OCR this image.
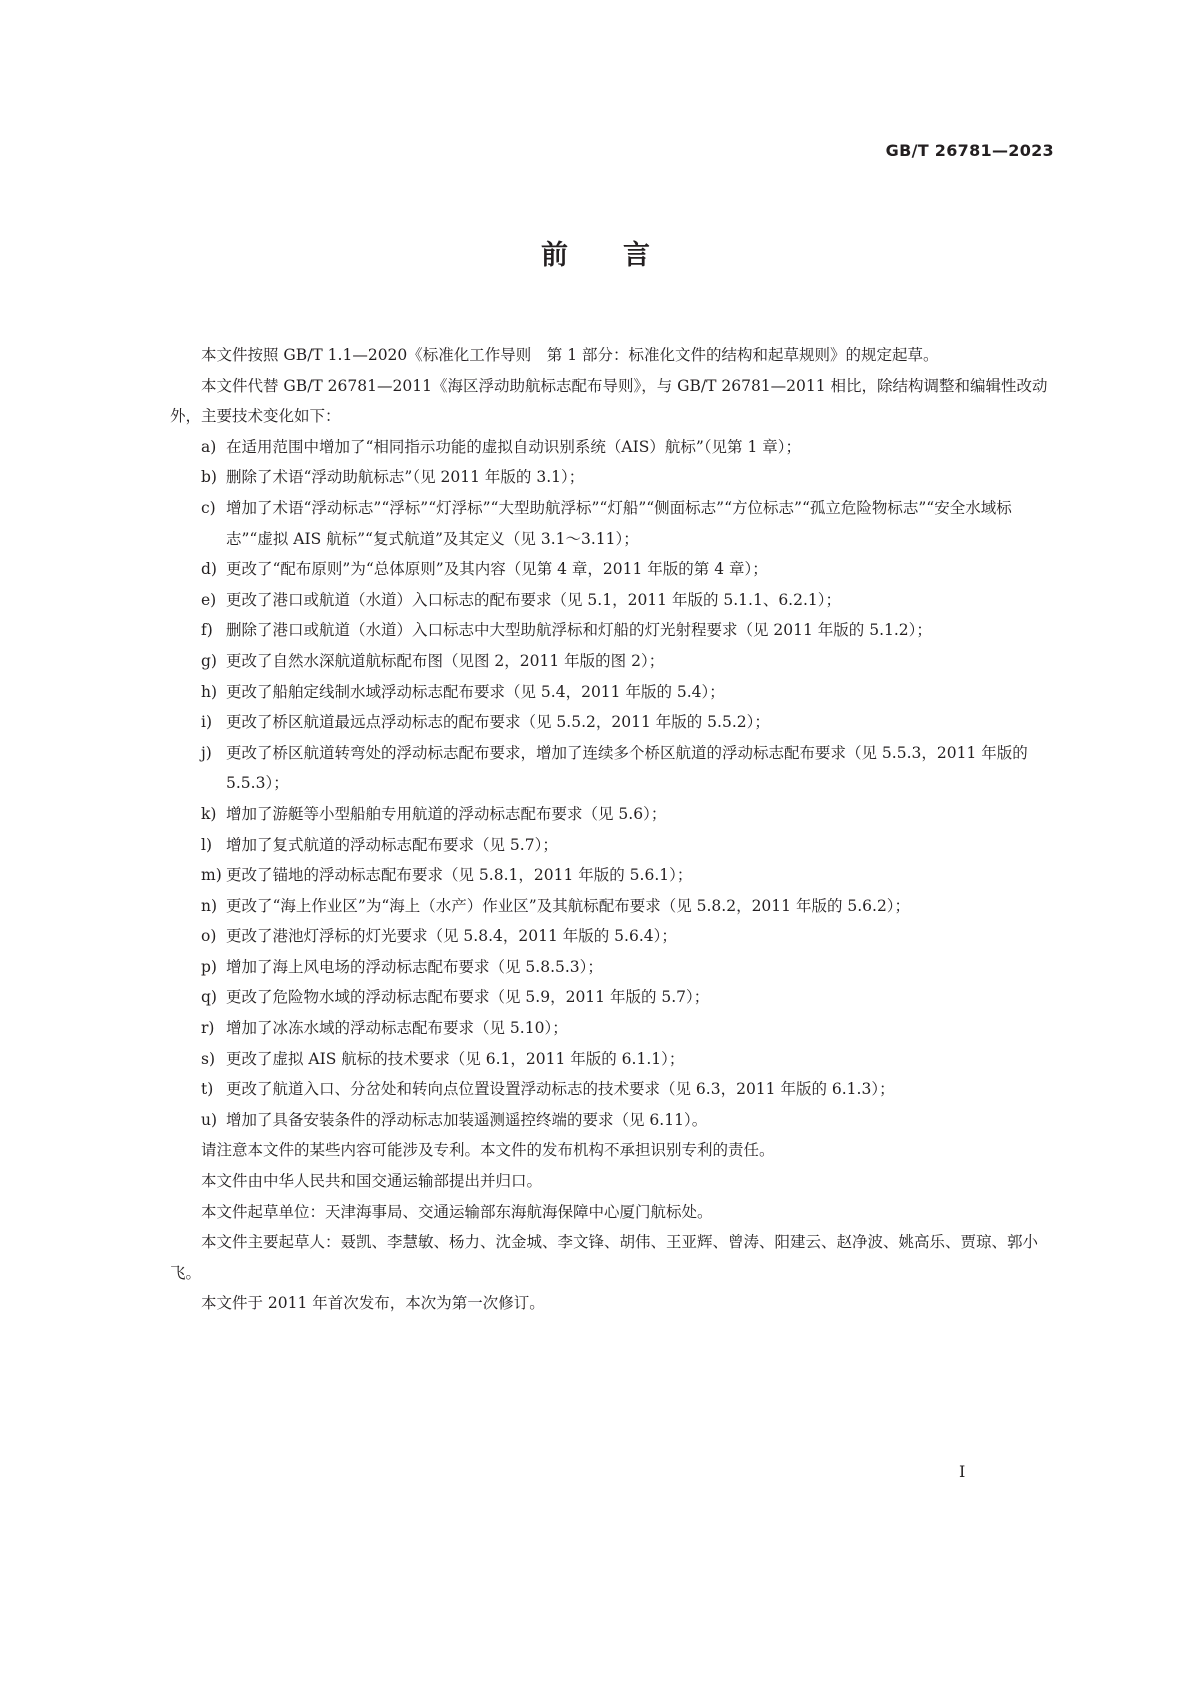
GB/T 26781—2023
前言

本文件按照 GB/T 1.1—2020《标准化工作导则　第 1 部分：标准化文件的结构和起草规则》的规定起草。

本文件代替 GB/T 26781—2011《海区浮动助航标志配布导则》，与 GB/T 26781—2011 相比，除结构调整和编辑性改动外，主要技术变化如下：

a) 在适用范围中增加了“相同指示功能的虚拟自动识别系统（AIS）航标”（见第 1 章）；
b) 删除了术语“浮动助航标志”（见 2011 年版的 3.1）；
c) 增加了术语“浮动标志”“浮标”“灯浮标”“大型助航浮标”“灯船”“侧面标志”“方位标志”“孤立危险物标志”“安全水域标志”“虚拟 AIS 航标”“复式航道”及其定义（见 3.1～3.11）；
d) 更改了“配布原则”为“总体原则”及其内容（见第 4 章，2011 年版的第 4 章）；
e) 更改了港口或航道（水道）入口标志的配布要求（见 5.1，2011 年版的 5.1.1、6.2.1）；
f) 删除了港口或航道（水道）入口标志中大型助航浮标和灯船的灯光射程要求（见 2011 年版的 5.1.2）；
g) 更改了自然水深航道航标配布图（见图 2，2011 年版的图 2）；
h) 更改了船舶定线制水域浮动标志配布要求（见 5.4，2011 年版的 5.4）；
i) 更改了桥区航道最远点浮动标志的配布要求（见 5.5.2，2011 年版的 5.5.2）；
j) 更改了桥区航道转弯处的浮动标志配布要求，增加了连续多个桥区航道的浮动标志配布要求（见 5.5.3，2011 年版的 5.5.3）；
k) 增加了游艇等小型船舶专用航道的浮动标志配布要求（见 5.6）；
l) 增加了复式航道的浮动标志配布要求（见 5.7）；
m) 更改了锚地的浮动标志配布要求（见 5.8.1，2011 年版的 5.6.1）；
n) 更改了“海上作业区”为“海上（水产）作业区”及其航标配布要求（见 5.8.2，2011 年版的 5.6.2）；
o) 更改了港池灯浮标的灯光要求（见 5.8.4，2011 年版的 5.6.4）；
p) 增加了海上风电场的浮动标志配布要求（见 5.8.5.3）；
q) 更改了危险物水域的浮动标志配布要求（见 5.9，2011 年版的 5.7）；
r) 增加了冰冻水域的浮动标志配布要求（见 5.10）；
s) 更改了虚拟 AIS 航标的技术要求（见 6.1，2011 年版的 6.1.1）；
t) 更改了航道入口、分岔处和转向点位置设置浮动标志的技术要求（见 6.3，2011 年版的 6.1.3）；
u) 增加了具备安装条件的浮动标志加装遥测遥控终端的要求（见 6.11）。

请注意本文件的某些内容可能涉及专利。本文件的发布机构不承担识别专利的责任。

本文件由中华人民共和国交通运输部提出并归口。

本文件起草单位：天津海事局、交通运输部东海航海保障中心厦门航标处。

本文件主要起草人：聂凯、李慧敏、杨力、沈金城、李文锋、胡伟、王亚辉、曾涛、阳建云、赵净波、姚高乐、贾琼、郭小飞。

本文件于 2011 年首次发布，本次为第一次修订。

I
